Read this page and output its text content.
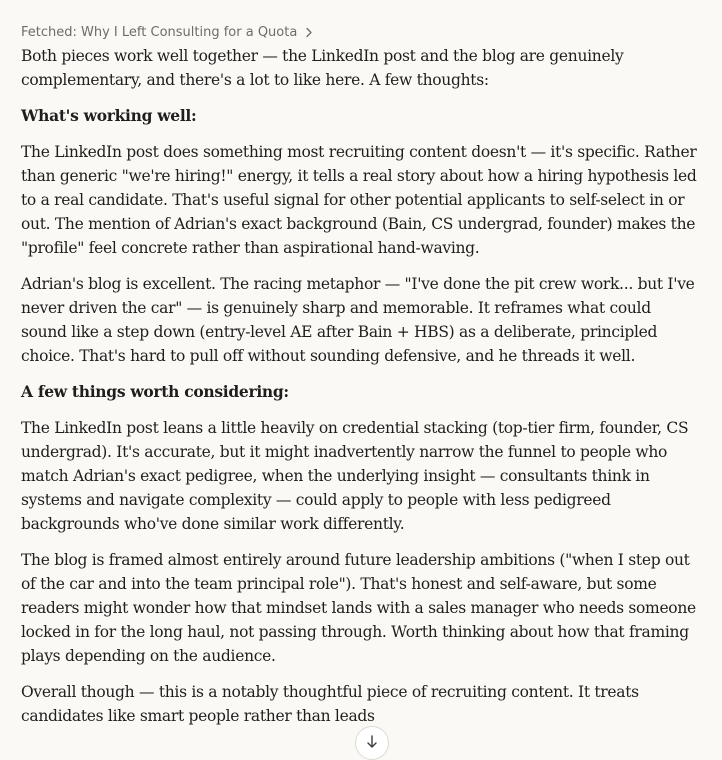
Fetched: Why I Left Consulting for a Quota

Both pieces work well together — the LinkedIn post and the blog are genuinely complementary, and there's a lot to like here. A few thoughts:

What's working well:

The LinkedIn post does something most recruiting content doesn't — it's specific. Rather than generic "we're hiring!" energy, it tells a real story about how a hiring hypothesis led to a real candidate. That's useful signal for other potential applicants to self-select in or out. The mention of Adrian's exact background (Bain, CS undergrad, founder) makes the "profile" feel concrete rather than aspirational hand-waving.

Adrian's blog is excellent. The racing metaphor — "I've done the pit crew work... but I've never driven the car" — is genuinely sharp and memorable. It reframes what could sound like a step down (entry-level AE after Bain + HBS) as a deliberate, principled choice. That's hard to pull off without sounding defensive, and he threads it well.

A few things worth considering:

The LinkedIn post leans a little heavily on credential stacking (top-tier firm, founder, CS undergrad). It's accurate, but it might inadvertently narrow the funnel to people who match Adrian's exact pedigree, when the underlying insight — consultants think in systems and navigate complexity — could apply to people with less pedigreed backgrounds who've done similar work differently.

The blog is framed almost entirely around future leadership ambitions ("when I step out of the car and into the team principal role"). That's honest and self-aware, but some readers might wonder how that mindset lands with a sales manager who needs someone locked in for the long haul, not passing through. Worth thinking about how that framing plays depending on the audience.

Overall though — this is a notably thoughtful piece of recruiting content. It treats candidates like smart people rather than leads
